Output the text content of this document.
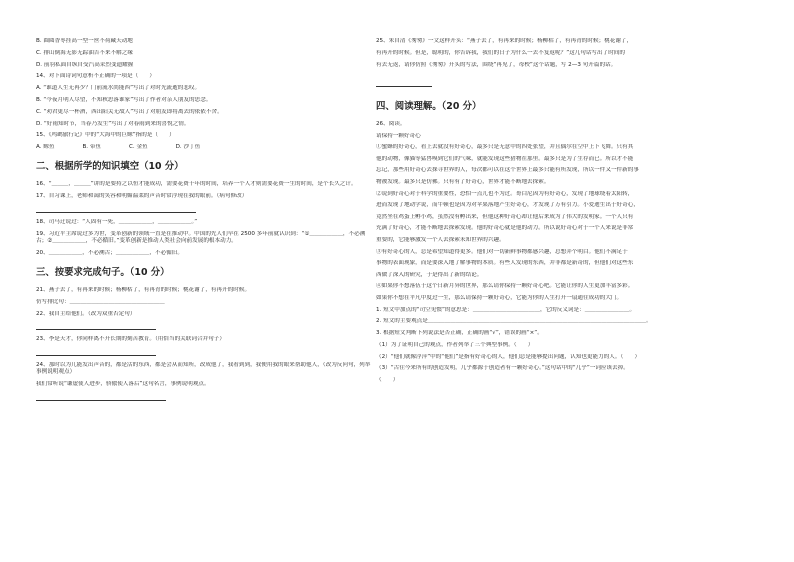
B. 圆圆香枣挂高一型一丝不荷藏天动地
C. 排山倒海无影无踪油吉不来不解之缘
D. 前羽私面自纵自受汽高采烈变遗耀握
14、对下面诗词句意析不正确的一项是（　　）
A. “谁道人生无再少？门前流水尚能西”写出了对时光流逝的悲叹。
B. “今夜月明人尽望，不知秋思落谁家”写出了作者对亲人朋友的思念。
C. “劝君更尽一杯酒，西出阳关无故人”写出了对朋友即将离去的依依不舍。
D. “好雨知时节，当春乃发生”写出了对春雨到来的喜悦之情。
15、《鸬鹚旅行记》中的“大海中的巨鲸”指的是（　　）
A. 鲸鱼　　　　　B. 带鱼　　　　　C. 金鱼　　　　　D. 沙丁鱼
二、根据所学的知识填空（10 分）
16、“＿＿＿，＿＿＿”讲的是要持之以恒才能成功，需要花费十年的时间，培养一个人才则需要花费一生的时间，是个长久之计。
17、自习课上，老师和蔼的笑容和明媚温柔的声音时常浮现在我的眼前。（病句修改）
18、司马迁说过：“人固有一死，＿＿＿＿＿＿，＿＿＿＿＿＿。”
19、习近平主席说过多为世，变革创新的领域一直是在推动中。中国的先人们早在 2500 多年前就认识到：“①＿＿＿＿＿＿，不必溯古；②＿＿＿＿＿＿，不必循旧。”变革创新是推动人类社会向前发展的根本动力。
20、＿＿＿＿＿＿，不必溯古；＿＿＿＿＿＿，不必循旧。
三、按要求完成句子。（10 分）
21、燕子去了，有再来的时候；杨柳枯了，有再青的时候；桃花谢了，有再开的时候。
仿写排比句：＿＿＿＿＿＿＿＿＿＿＿＿＿＿＿＿＿
22、我自主给他们。（改为双重否定句）
23、李是天才，你同样离不开长期的刻苦教育。（用恰当的关联词合并句子）
24、那时以为几能发出声音的，都是活的东西，都是会从而知所，改成他了，我看到到，我便用我的眼来帮助他人，（改为反问句，列举事例说明观点）
我们常听说“谦虚使人进步，骄傲使人落后”这句名言，事例说明观点。
25、朱自清《匆匆》一文这样开头：“燕子去了，有再来的时候；杨柳枯了，有再青的时候；桃花谢了，
有再开的时候。但是，聪明的，你告诉我，我们的日子为什么一去不复返呢？”这几句话写出了时间的
有去无返，请你仿照《匆匆》开头的写法，围绕“再见了，母校”这个话题，写 2—3 句开篇的话。
四、阅读理解。（20 分）
26、阅读。
请保持一颗好奇心
①蜜蜂的好奇心，看上去就没有好奇心，最多只是无意中的四处张望，并且偶尔在空中上下飞舞。只有其
他的动物，像猫等猛兽嗅到它们的气味，就能发现这些猎物在那里。最多只是为了生存而已。所以才不能
忘记，那些用好奇心去探寻世界的人，每次都可以在这个世界上最多只能有所发现，所以一件又一件新的事
物被发现。最多只是仿佛。只有有了好奇心，世界才能不断地去探索。
②说到好奇心对于科学的重要性，恐怕一点儿也不为过。哥白尼因为有好奇心，发现了地球绕着太阳转，
进而发现了地动学说，而牛顿也是因为对苹果落地产生好奇心，才发现了万有引力。小爱迪生出于好奇心，
竟然坐在鸡蛋上孵小鸡，虽然没有孵出来，但他这种好奇心却让他后来成为了伟大的发明家。一个人只有
充满了好奇心，才能不断地去探索发现。他的好奇心就是他的动力。所以说好奇心对于一个人来说是非常
重要的，它能够激发一个人去探索未知世界的兴趣。
③有好奇心的人，总是希望知道得更多。他们对一切新鲜事物都感兴趣，总想弄个明白。他们不满足于
事物的表面现象，而是要深入地了解事物的本质。有些人发现的东西，并非都是新奇的，但他们对这些东
西做了深入的研究，于是得出了新的结论。
④如果你不想落伍于这个日新月异的世界，那么请你保持一颗好奇心吧。它能让你的人生更加丰富多彩。
如果你不想在平凡中度过一生，那么请保持一颗好奇心，它能为你的人生打开一扇通往成功的大门。
1. 短文中加点的“司空见惯”的意思是：＿＿＿＿＿＿＿＿＿＿＿＿，它的反义词是：＿＿＿＿＿＿＿＿。
2. 短文的主要观点是＿＿＿＿＿＿＿＿＿＿＿＿＿＿＿＿＿＿＿＿＿＿＿＿＿＿＿＿＿＿＿＿＿＿＿＿＿＿＿。
3. 根据短文判断下列说法是否正确，正确的画“√”，错误的画“×”。
（1）为了证明自己的观点，作者列举了三个典型事例。（　　）
（2）“他们就像浮萍”中的“他们”是指有好奇心的人，他们总是能够提出问题，认知也更能力的人。（　　）
（3）“古往今来所有的创造发明，几乎都源于创造者有一颗好奇心。”这句话中的“几乎”一词应该去掉。
（　　）
